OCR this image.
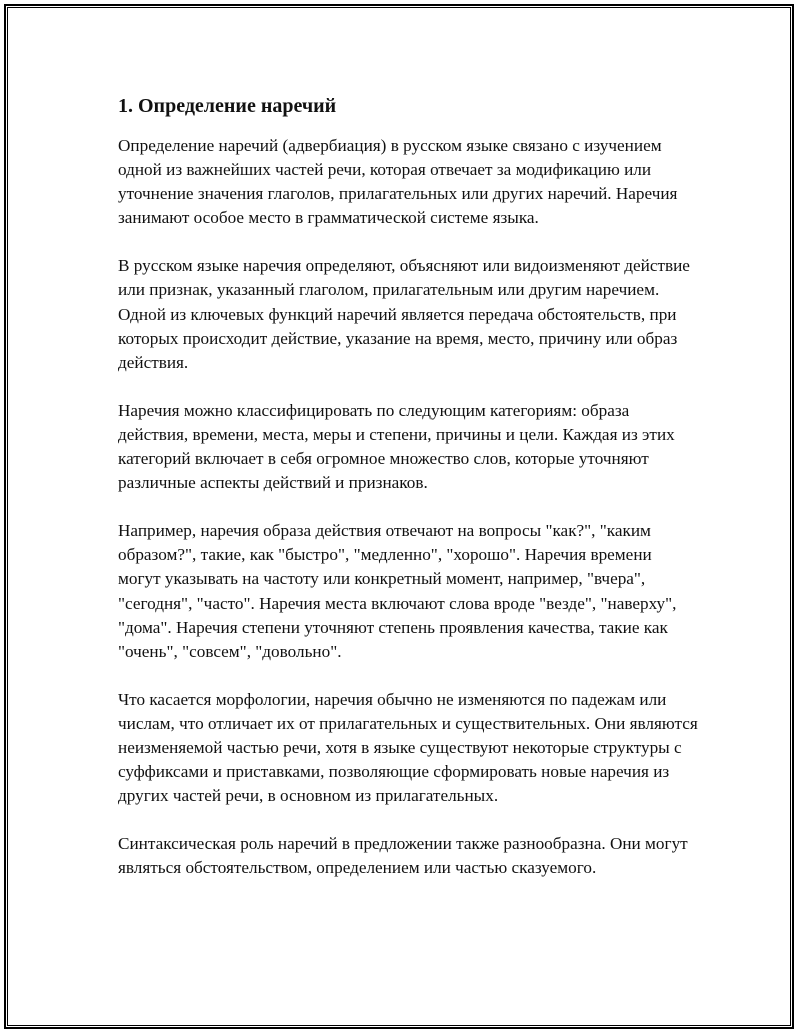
1. Определение наречий

Определение наречий (адвербиация) в русском языке связано с изучением одной из важнейших частей речи, которая отвечает за модификацию или уточнение значения глаголов, прилагательных или других наречий. Наречия занимают особое место в грамматической системе языка.

В русском языке наречия определяют, объясняют или видоизменяют действие или признак, указанный глаголом, прилагательным или другим наречием. Одной из ключевых функций наречий является передача обстоятельств, при которых происходит действие, указание на время, место, причину или образ действия.

Наречия можно классифицировать по следующим категориям: образа действия, времени, места, меры и степени, причины и цели. Каждая из этих категорий включает в себя огромное множество слов, которые уточняют различные аспекты действий и признаков.

Например, наречия образа действия отвечают на вопросы "как?", "каким образом?", такие, как "быстро", "медленно", "хорошо". Наречия времени могут указывать на частоту или конкретный момент, например, "вчера", "сегодня", "часто". Наречия места включают слова вроде "везде", "наверху", "дома". Наречия степени уточняют степень проявления качества, такие как "очень", "совсем", "довольно".

Что касается морфологии, наречия обычно не изменяются по падежам или числам, что отличает их от прилагательных и существительных. Они являются неизменяемой частью речи, хотя в языке существуют некоторые структуры с суффиксами и приставками, позволяющие сформировать новые наречия из других частей речи, в основном из прилагательных.

Синтаксическая роль наречий в предложении также разнообразна. Они могут являться обстоятельством, определением или частью сказуемого.
